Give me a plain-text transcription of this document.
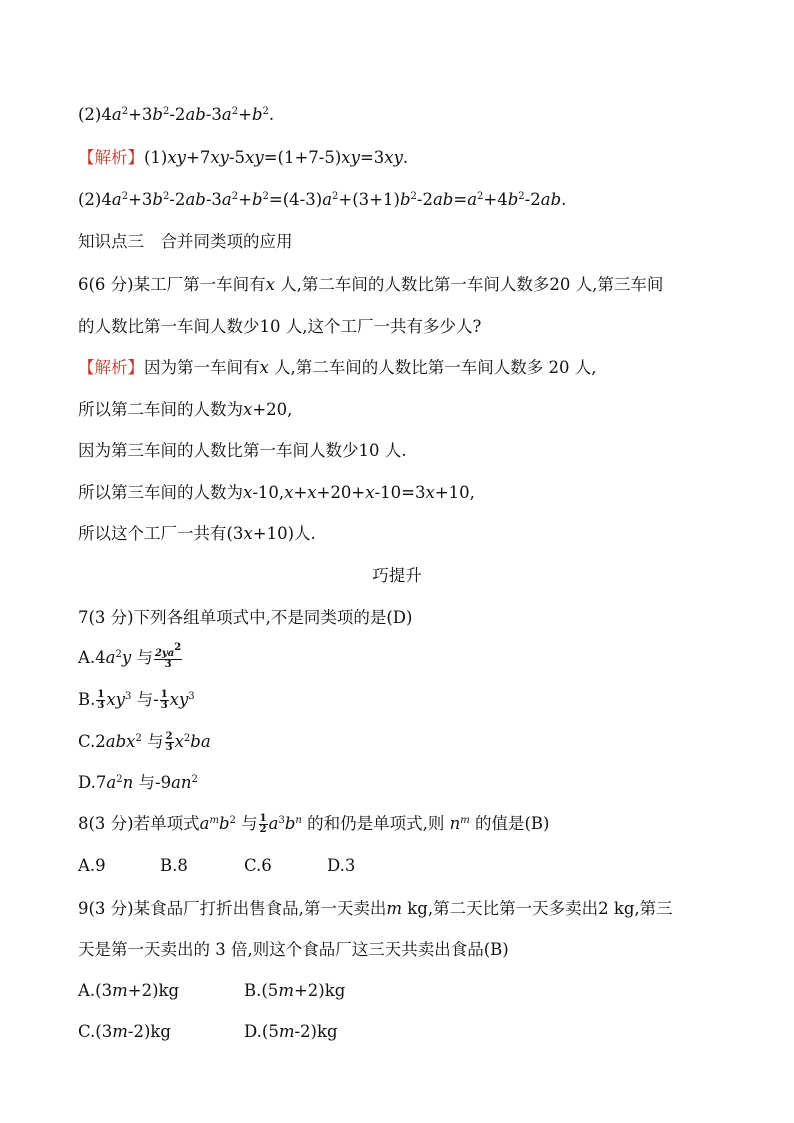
$(2)4a^2+3b^2-2ab-3a^2+b^2$.
【解析】(1)xy+7xy-5xy=(1+7-5)xy=3xy.
$(2)4a^2+3b^2-2ab-3a^2+b^2=(4-3)a^2+(3+1)b^2-2ab=a^2+4b^2-2ab$.
知识点三　合并同类项的应用
6(6 分)某工厂第一车间有x 人,第二车间的人数比第一车间人数多20 人,第三车间
的人数比第一车间人数少10 人,这个工厂一共有多少人?
【解析】因为第一车间有x 人,第二车间的人数比第一车间人数多 20 人,
所以第二车间的人数为x+20,
因为第三车间的人数比第一车间人数少10 人.
所以第三车间的人数为x-10,x+x+20+x-10=3x+10,
所以这个工厂一共有(3x+10)人.
巧提升
7(3 分)下列各组单项式中,不是同类项的是(D)
$A.4a^2y$ 与 $\frac{2ya^2}{3}$
B. $\frac{1}{3} xy^3$ 与- $\frac{1}{3} xy^3$
C.2abx$^2$ 与 $\frac{2}{3} x^2ba$
$D.7a^2n$ 与$-9an^2$
8(3 分)若单项式$a^mb^2$ 与 $\frac{1}{2} a^3b^n$ 的和仍是单项式,则 $n^m$ 的值是(B)
A.9	B.8	C.6	D.3
9(3 分)某食品厂打折出售食品,第一天卖出m kg,第二天比第一天多卖出2 kg,第三
天是第一天卖出的 3 倍,则这个食品厂这三天共卖出食品(B)
A.(3m+2)kg	B.(5m+2)kg
C.(3m-2)kg	D.(5m-2)kg
